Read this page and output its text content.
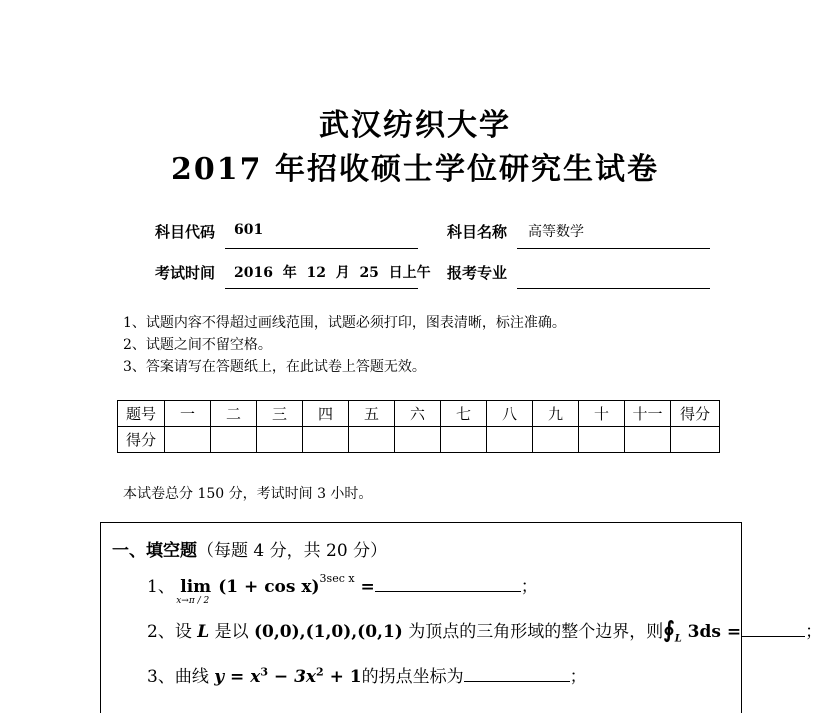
武汉纺织大学
2017 年招收硕士学位研究生试卷
科目代码 601	科目名称 高等数学
考试时间 2016  年  12  月  25  日上午 报考专业
1、试题内容不得超过画线范围，试题必须打印，图表清晰，标注准确。
2、试题之间不留空格。
3、答案请写在答题纸上，在此试卷上答题无效。
题号	一	二	三	四	五	六	七	八	九	十	十一	得分
得分												
本试卷总分 150 分，考试时间 3 小时。
一、填空题（每题 4 分，共 20 分）
1、 lim
x→π / 2
$(1 + \cos x)^{3sec x}$ =	；
2、设 L 是以 (0,0),(1,0),(0,1) 为顶点的三角形域的整个边界，则$∮_L$ 3ds =	；
3、曲线 $y = x^3 - 3x^2 + 1$的拐点坐标为	；
